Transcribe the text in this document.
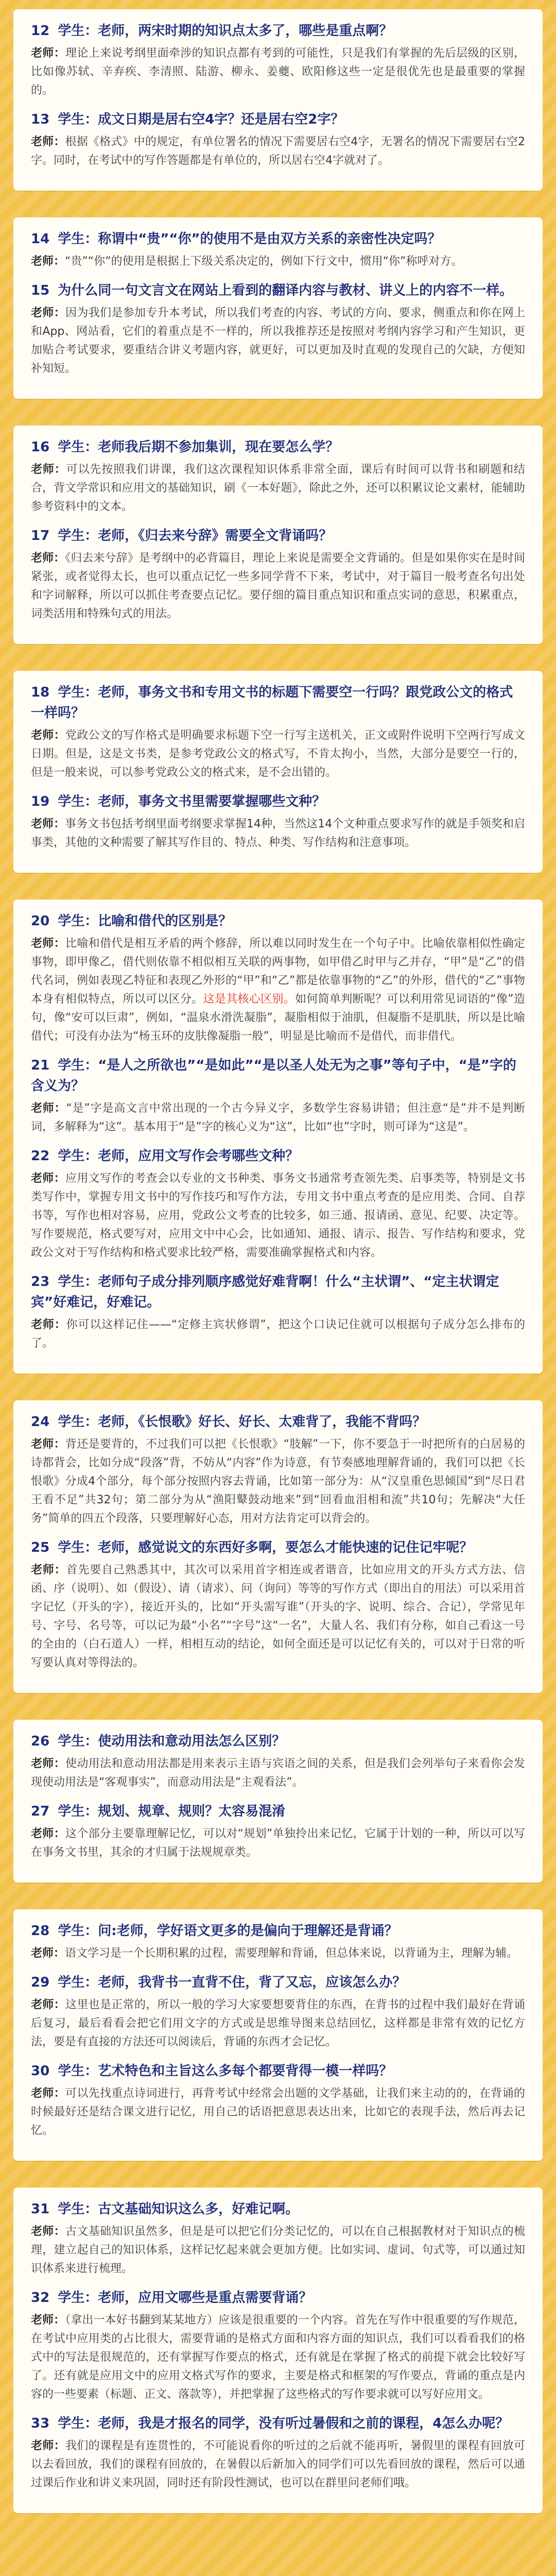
12 学生：老师，两宋时期的知识点太多了，哪些是重点啊？

老师：理论上来说考纲里面牵涉的知识点都有考到的可能性，只是我们有掌握的先后层级的区别，比如像苏轼、辛弃疾、李清照、陆游、柳永、姜夔、欧阳修这些一定是很优先也是最重要的掌握的。

13 学生：成文日期是居右空4字？还是居右空2字？

老师：根据《格式》中的规定，有单位署名的情况下需要居右空4字，无署名的情况下需要居右空2字。同时，在考试中的写作答题都是有单位的，所以居右空4字就对了。

14 学生：称谓中“贵”“你”的使用不是由双方关系的亲密性决定吗？

老师：“贵”“你”的使用是根据上下级关系决定的，例如下行文中，惯用“你”称呼对方。

15 为什么同一句文言文在网站上看到的翻译内容与教材、讲义上的内容不一样。

老师：因为我们是参加专升本考试，所以我们考查的内容、考试的方向、要求，侧重点和你在网上和App、网站看，它们的着重点是不一样的，所以我推荐还是按照对考纲内容学习和产生知识，更加贴合考试要求，要重结合讲义考题内容，就更好，可以更加及时直观的发现自己的欠缺，方便知补知短。

16 学生：老师我后期不参加集训，现在要怎么学？

老师：可以先按照我们讲课，我们这次课程知识体系非常全面，课后有时间可以背书和刷题和结合，背文学常识和应用文的基础知识，刷《一本好题》，除此之外，还可以积累议论文素材，能辅助参考资料中的文本。

17 学生：老师，《归去来兮辞》需要全文背诵吗？

老师：《归去来兮辞》是考纲中的必背篇目，理论上来说是需要全文背诵的。但是如果你实在是时间紧张，或者觉得太长，也可以重点记忆一些多同学背不下来，考试中，对于篇目一般考查名句出处和字词解释，所以可以抓住考查要点记忆。要仔细的篇目重点知识和重点实词的意思，积累重点，词类活用和特殊句式的用法。

18 学生：老师，事务文书和专用文书的标题下需要空一行吗？跟党政公文的格式一样吗？

老师：党政公文的写作格式是明确要求标题下空一行写主送机关，正文或附件说明下空两行写成文日期。但是，这是文书类，是参考党政公文的格式写，不肯太拘小，当然，大部分是要空一行的，但是一般来说，可以参考党政公文的格式来，是不会出错的。

19 学生：老师，事务文书里需要掌握哪些文种？

老师：事务文书包括考纲里面考纲要求掌握14种，当然这14个文种重点要求写作的就是手领奖和启事类，其他的文种需要了解其写作目的、特点、种类、写作结构和注意事项。

20 学生：比喻和借代的区别是？

老师：比喻和借代是相互矛盾的两个修辞，所以难以同时发生在一个句子中。比喻依靠相似性确定事物，即甲像乙，借代则依靠不相似相互关联的两事物，如甲借乙时甲与乙并存，“甲”是“乙”的借代名词，例如表现乙特征和表现乙外形的“甲”和“乙”都是依靠事物的“乙”的外形，借代的“乙”事物本身有相似特点，所以可以区分。这是其核心区别。如何简单判断呢？可以利用常见词语的“像”造句，像“安可以巨肃”，例如，“温泉水滑洗凝脂”，凝脂相似于油肌，但凝脂不是肌肤，所以是比喻借代；可没有办法为“杨玉环的皮肤像凝脂一般”，明显是比喻而不是借代，而非借代。

21 学生：“是人之所欲也”“是如此”“是以圣人处无为之事”等句子中，“是”字的含义为？

老师：“是”字是高文言中常出现的一个古今异义字，多数学生容易讲错；但注意“是”并不是判断词，多解释为“这”。基本用于“是”字的核心义为“这”，比如“也”字时，则可译为“这是”。

22 学生：老师，应用文写作会考哪些文种？

老师：应用文写作的考查会以专业的文书种类、事务文书通常考查领先类、启事类等，特别是文书类写作中，掌握专用文书中的写作技巧和写作方法，专用文书中重点考查的是应用类、合同、自荐书等，写作也相对容易，应用，党政公文考查的比较多，如三通、报请函、意见、纪要、决定等。写作要规范，格式要写对，应用文中中心会，比如通知、通报、请示、报告、写作结构和要求，党政公文对于写作结构和格式要求比较严格，需要准确掌握格式和内容。

23 学生：老师句子成分排列顺序感觉好难背啊！什么“主状谓”、“定主状谓定宾”好难记，好难记。

老师：你可以这样记住——“定修主宾状修谓”，把这个口诀记住就可以根据句子成分怎么排布的了。

24 学生：老师，《长恨歌》好长、好长、太难背了，我能不背吗？

老师：背还是要背的，不过我们可以把《长恨歌》“肢解”一下，你不要急于一时把所有的白居易的诗都背会，比如分成“段落”背，不妨从“内容”作为诗意，有节奏感地理解背诵的，我们可以把《长恨歌》分成4个部分，每个部分按照内容去背诵，比如第一部分为：从“汉皇重色思倾国”到“尽日君王看不足”共32句；第二部分为从“渔阳鼙鼓动地来”到“回看血泪相和流”共10句；先解决“大任务”简单的四五个段落，只要理解好心态，用对方法肯定可以背会的。

25 学生：老师，感觉说文的东西好多啊，要怎么才能快速的记住记牢呢？

老师：首先要自己熟悉其中，其次可以采用首字相连或者谐音，比如应用文的开头方式方法、信函、序（说明）、如（假设）、请（请求）、问（询问）等等的写作方式（即出自的用法）可以采用首字记忆（开头的字），接近开头的，比如“开头需写谁”（开头的字、说明、综合、合记），学常见年号、字号、名号等，可以记为最“小名”“字号”这“一名”，大量人名、我们有分称，如自己看这一号的全由的（白石道人）一样，相相互动的结论，如何全面还是可以记忆有关的，可以对于日常的听写要认真对等得法的。

26 学生：使动用法和意动用法怎么区别？

老师：使动用法和意动用法都是用来表示主语与宾语之间的关系，但是我们会列举句子来看你会发现使动用法是“客观事实”，而意动用法是“主观看法”。

27 学生：规划、规章、规则？太容易混淆

老师：这个部分主要靠理解记忆，可以对“规划”单独拎出来记忆，它属于计划的一种，所以可以写在事务文书里，其余的才归属于法规规章类。

28 学生：问:老师，学好语文更多的是偏向于理解还是背诵？

老师：语文学习是一个长期积累的过程，需要理解和背诵，但总体来说，以背诵为主，理解为辅。

29 学生：老师，我背书一直背不住，背了又忘，应该怎么办？

老师：这里也是正常的，所以一般的学习大家要想要背住的东西，在背书的过程中我们最好在背诵后复习，最后看看会把它们用文字的方式或是思维导图来总结回忆，这样都是非常有效的记忆方法，要是有直接的方法还可以阅读后，背诵的东西才会记忆。

30 学生：艺术特色和主旨这么多每个都要背得一模一样吗？

老师：可以先找重点诗词进行，再背考试中经常会出题的文学基础，让我们来主动的的，在背诵的时候最好还是结合课文进行记忆，用自己的话语把意思表达出来，比如它的表现手法，然后再去记忆。

31 学生：古文基础知识这么多，好难记啊。

老师：古文基础知识虽然多，但是是可以把它们分类记忆的，可以在自己根据教材对于知识点的梳理，建立起自己的知识体系，这样记忆起来就会更加方便。比如实词、虚词、句式等，可以通过知识体系来进行梳理。

32 学生：老师，应用文哪些是重点需要背诵？

老师：（拿出一本好书翻到某某地方）应该是很重要的一个内容。首先在写作中很重要的写作规范，在考试中应用类的占比很大，需要背诵的是格式方面和内容方面的知识点，我们可以看看我们的格式中的写法是很规范的，还有掌握写作要点的格式，还有就是在掌握了格式的前提下就会比较好写了。还有就是应用文中的应用文格式写作的要求，主要是格式和框架的写作要点，背诵的重点是内容的一些要素（标题、正文、落款等），并把掌握了这些格式的写作要求就可以写好应用文。

33 学生：老师，我是才报名的同学，没有听过暑假和之前的课程，4怎么办呢？

老师：我们的课程是有连贯性的，不可能说看你的听过的之后就不能再听，暑假里的课程有回放可以去看回放，我们的课程有回放的，在暑假以后新加入的同学们可以先看回放的课程，然后可以通过课后作业和讲义来巩固，同时还有阶段性测试，也可以在群里问老师们哦。
